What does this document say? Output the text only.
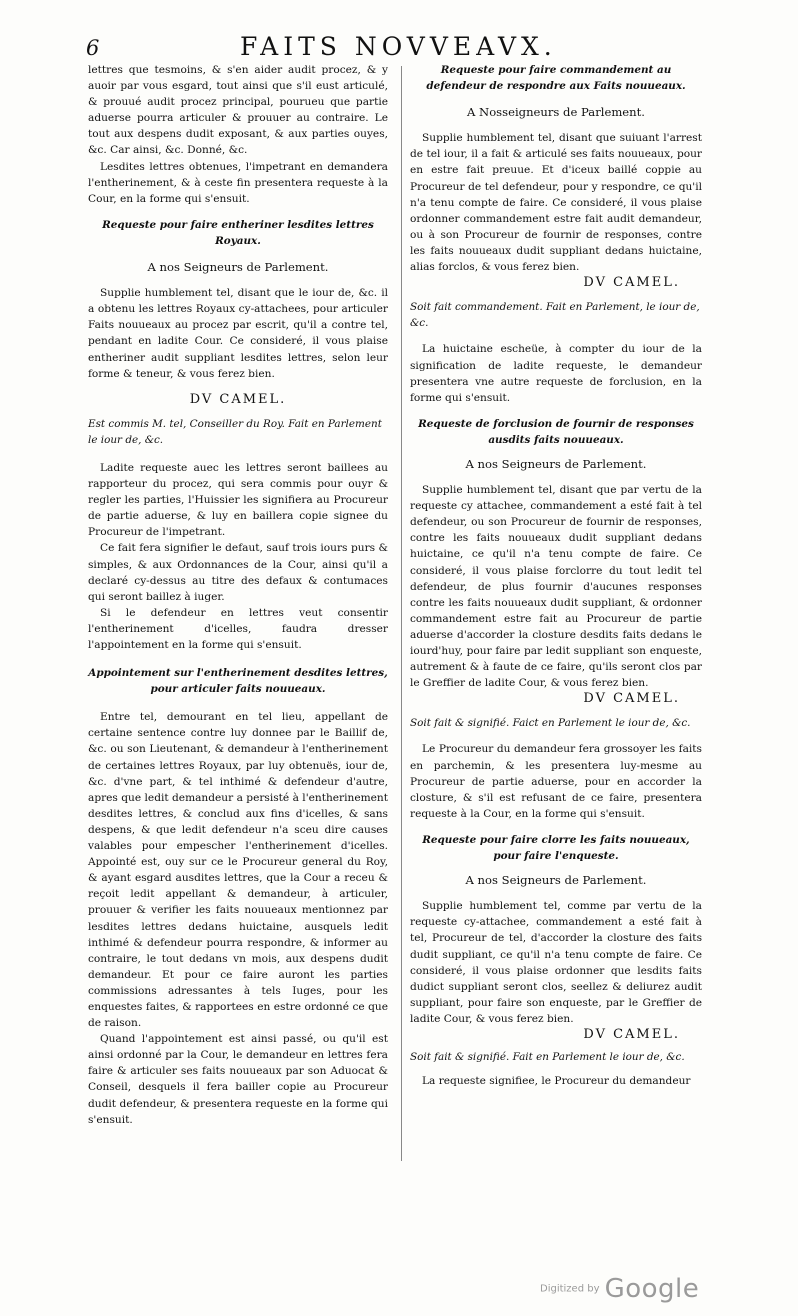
6	FAITS NOVVEAVX.

lettres que tesmoins, & s'en aider audit procez, & y auoir par vous esgard, tout ainsi que s'il eust articulé, & prouué audit procez principal, pourueu que partie aduerse pourra articuler & prouuer au contraire. Le tout aux despens dudit exposant, & aux parties ouyes, &c. Car ainsi, &c. Donné, &c.

Lesdites lettres obtenues, l'impetrant en demandera l'entherinement, & à ceste fin presentera requeste à la Cour, en la forme qui s'ensuit.

Requeste pour faire entheriner lesdites lettres Royaux.

A nos Seigneurs de Parlement.

Supplie humblement tel, disant que le iour de, &c. il a obtenu les lettres Royaux cy-attachees, pour articuler Faits nouueaux au procez par escrit, qu'il a contre tel, pendant en ladite Cour. Ce consideré, il vous plaise entheriner audit suppliant lesdites lettres, selon leur forme & teneur, & vous ferez bien.

DV CAMEL.

Est commis M. tel, Conseiller du Roy. Fait en Parlement le iour de, &c.

Ladite requeste auec les lettres seront baillees au rapporteur du procez, qui sera commis pour ouyr & regler les parties, l'Huissier les signifiera au Procureur de partie aduerse, & luy en baillera copie signee du Procureur de l'impetrant.

Ce fait fera signifier le defaut, sauf trois iours purs & simples, & aux Ordonnances de la Cour, ainsi qu'il a declaré cy-dessus au titre des defaux & contumaces qui seront baillez à iuger.

Si le defendeur en lettres veut consentir l'entherinement d'icelles, faudra dresser l'appointement en la forme qui s'ensuit.

Appointement sur l'entherinement desdites lettres, pour articuler faits nouueaux.

Entre tel, demourant en tel lieu, appellant de certaine sentence contre luy donnee par le Baillif de, &c. ou son Lieutenant, & demandeur à l'entherinement de certaines lettres Royaux, par luy obtenuës, iour de, &c. d'vne part, & tel inthimé & defendeur d'autre, apres que ledit demandeur a persisté à l'entherinement desdites lettres, & conclud aux fins d'icelles, & sans despens, & que ledit defendeur n'a sceu dire causes valables pour empescher l'entherinement d'icelles. Appointé est, ouy sur ce le Procureur general du Roy, & ayant esgard ausdites lettres, que la Cour a receu & reçoit ledit appellant & demandeur, à articuler, prouuer & verifier les faits nouueaux mentionnez par lesdites lettres dedans huictaine, ausquels ledit inthimé & defendeur pourra respondre, & informer au contraire, le tout dedans vn mois, aux despens dudit demandeur. Et pour ce faire auront les parties commissions adressantes à tels Iuges, pour les enquestes faites, & rapportees en estre ordonné ce que de raison.

Quand l'appointement est ainsi passé, ou qu'il est ainsi ordonné par la Cour, le demandeur en lettres fera faire & articuler ses faits nouueaux par son Aduocat & Conseil, desquels il fera bailler copie au Procureur dudit defendeur, & presentera requeste en la forme qui s'ensuit.

Requeste pour faire commandement au defendeur de respondre aux Faits nouueaux.

A Nosseigneurs de Parlement.

Supplie humblement tel, disant que suiuant l'arrest de tel iour, il a fait & articulé ses faits nouueaux, pour en estre fait preuue. Et d'iceux baillé coppie au Procureur de tel defendeur, pour y respondre, ce qu'il n'a tenu compte de faire. Ce consideré, il vous plaise ordonner commandement estre fait audit demandeur, ou à son Procureur de fournir de responses, contre les faits nouueaux dudit suppliant dedans huictaine, alias forclos, & vous ferez bien.

DV CAMEL.

Soit fait commandement. Fait en Parlement, le iour de, &c.

La huictaine escheüe, à compter du iour de la signification de ladite requeste, le demandeur presentera vne autre requeste de forclusion, en la forme qui s'ensuit.

Requeste de forclusion de fournir de responses ausdits faits nouueaux.

A nos Seigneurs de Parlement.

Supplie humblement tel, disant que par vertu de la requeste cy attachee, commandement a esté fait à tel defendeur, ou son Procureur de fournir de responses, contre les faits nouueaux dudit suppliant dedans huictaine, ce qu'il n'a tenu compte de faire. Ce consideré, il vous plaise forclorre du tout ledit tel defendeur, de plus fournir d'aucunes responses contre les faits nouueaux dudit suppliant, & ordonner commandement estre fait au Procureur de partie aduerse d'accorder la closture desdits faits dedans le iourd'huy, pour faire par ledit suppliant son enqueste, autrement & à faute de ce faire, qu'ils seront clos par le Greffier de ladite Cour, & vous ferez bien.

DV CAMEL.

Soit fait & signifié. Faict en Parlement le iour de, &c.

Le Procureur du demandeur fera grossoyer les faits en parchemin, & les presentera luy-mesme au Procureur de partie aduerse, pour en accorder la closture, & s'il est refusant de ce faire, presentera requeste à la Cour, en la forme qui s'ensuit.

Requeste pour faire clorre les faits nouueaux, pour faire l'enqueste.

A nos Seigneurs de Parlement.

Supplie humblement tel, comme par vertu de la requeste cy-attachee, commandement a esté fait à tel, Procureur de tel, d'accorder la closture des faits dudit suppliant, ce qu'il n'a tenu compte de faire. Ce consideré, il vous plaise ordonner que lesdits faits dudict suppliant seront clos, seellez & deliurez audit suppliant, pour faire son enqueste, par le Greffier de ladite Cour, & vous ferez bien.

DV CAMEL.

Soit fait & signifié. Fait en Parlement le iour de, &c.

La requeste signifiee, le Procureur du demandeur

Digitized by Google
